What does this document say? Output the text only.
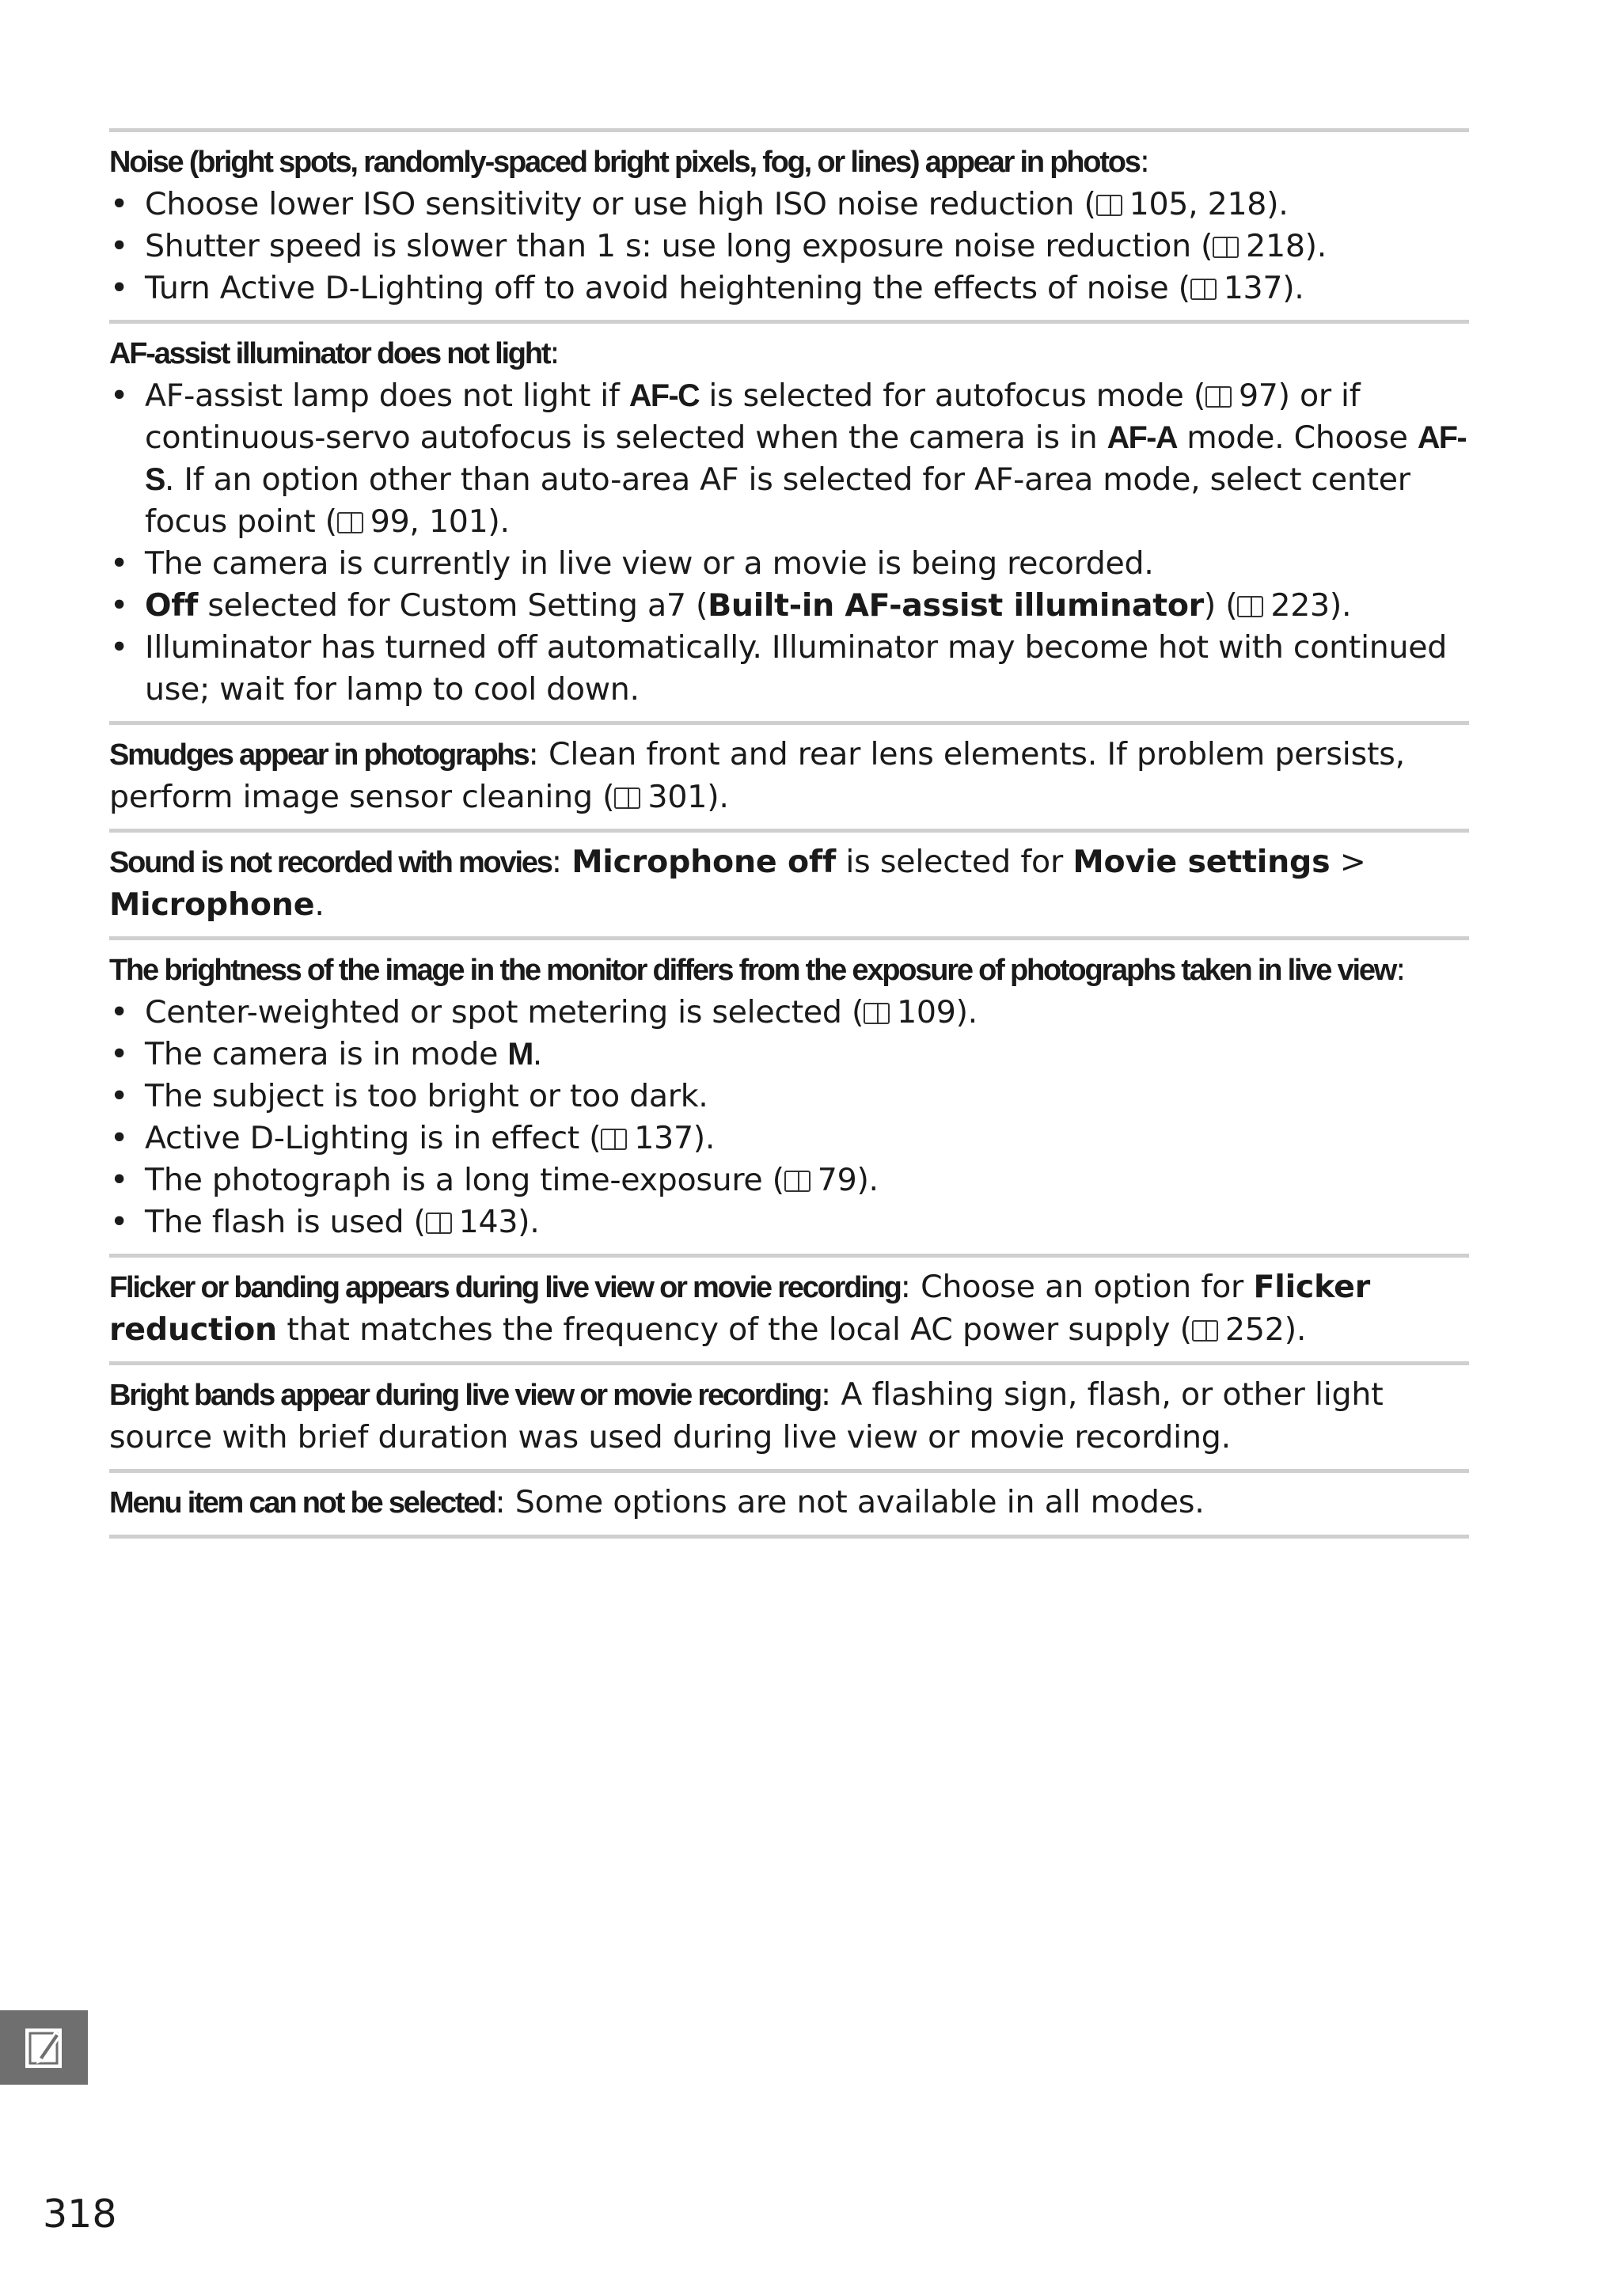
Noise (bright spots, randomly-spaced bright pixels, fog, or lines) appear in photos:
• Choose lower ISO sensitivity or use high ISO noise reduction ( 105, 218).
• Shutter speed is slower than 1 s: use long exposure noise reduction ( 218).
• Turn Active D-Lighting off to avoid heightening the effects of noise ( 137).
AF-assist illuminator does not light:
• AF-assist lamp does not light if AF-C is selected for autofocus mode ( 97) or if continuous-servo autofocus is selected when the camera is in AF-A mode. Choose AF-S. If an option other than auto-area AF is selected for AF-area mode, select center focus point ( 99, 101).
• The camera is currently in live view or a movie is being recorded.
• Off selected for Custom Setting a7 (Built-in AF-assist illuminator) ( 223).
• Illuminator has turned off automatically. Illuminator may become hot with continued use; wait for lamp to cool down.
Smudges appear in photographs: Clean front and rear lens elements. If problem persists, perform image sensor cleaning ( 301).
Sound is not recorded with movies: Microphone off is selected for Movie settings > Microphone.
The brightness of the image in the monitor differs from the exposure of photographs taken in live view:
• Center-weighted or spot metering is selected ( 109).
• The camera is in mode M.
• The subject is too bright or too dark.
• Active D-Lighting is in effect ( 137).
• The photograph is a long time-exposure ( 79).
• The flash is used ( 143).
Flicker or banding appears during live view or movie recording: Choose an option for Flicker reduction that matches the frequency of the local AC power supply ( 252).
Bright bands appear during live view or movie recording: A flashing sign, flash, or other light source with brief duration was used during live view or movie recording.
Menu item can not be selected: Some options are not available in all modes.
318
